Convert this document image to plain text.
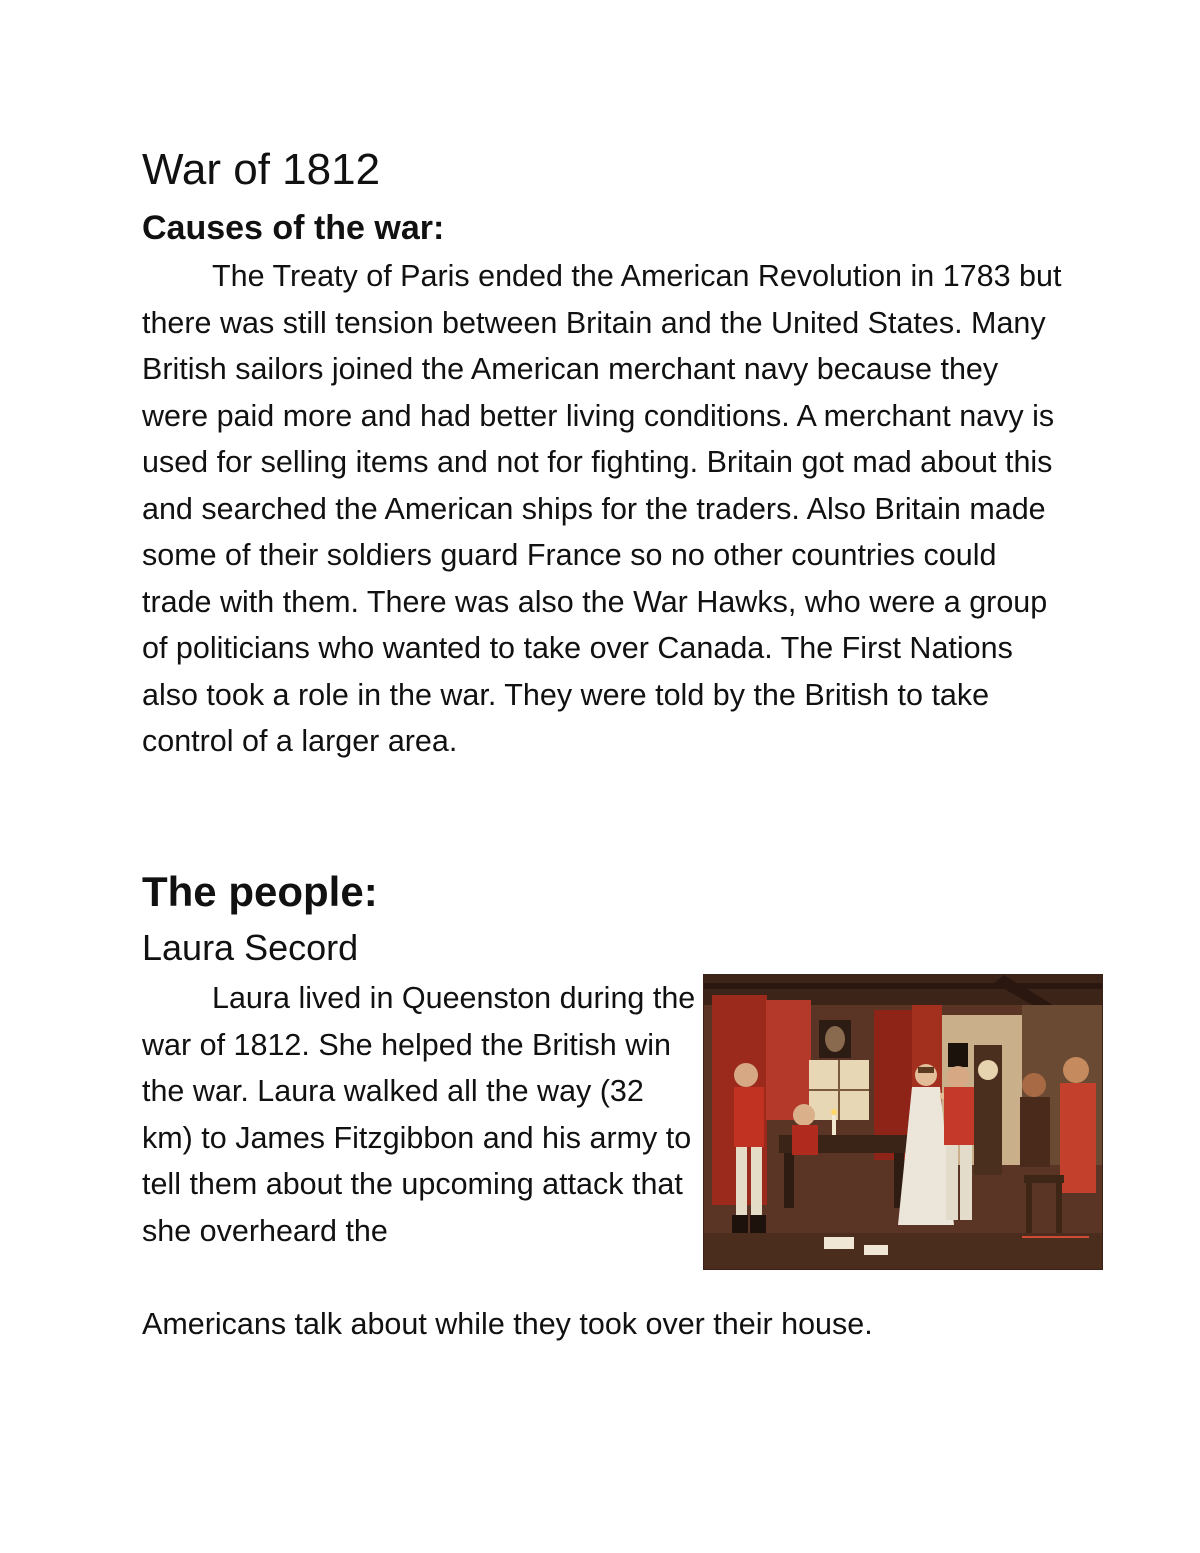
War of 1812
Causes of the war:

The Treaty of Paris ended the American Revolution in 1783 but there was still tension between Britain and the United States. Many British sailors joined the American merchant navy because they were paid more and had better living conditions. A merchant navy is used for selling items and not for fighting. Britain got mad about this and searched the American ships for the traders. Also Britain made some of their soldiers guard France so no other countries could trade with them. There was also the War Hawks, who were a group of politicians who wanted to take over Canada. The First Nations also took a role in the war. They were told by the British to take control of a larger area.

The people:
Laura Secord

Laura lived in Queenston during the war of 1812. She helped the British win the war. Laura walked all the way (32 km) to James Fitzgibbon and his army to tell them about the upcoming attack that she overheard the

Americans talk about while they took over their house.
